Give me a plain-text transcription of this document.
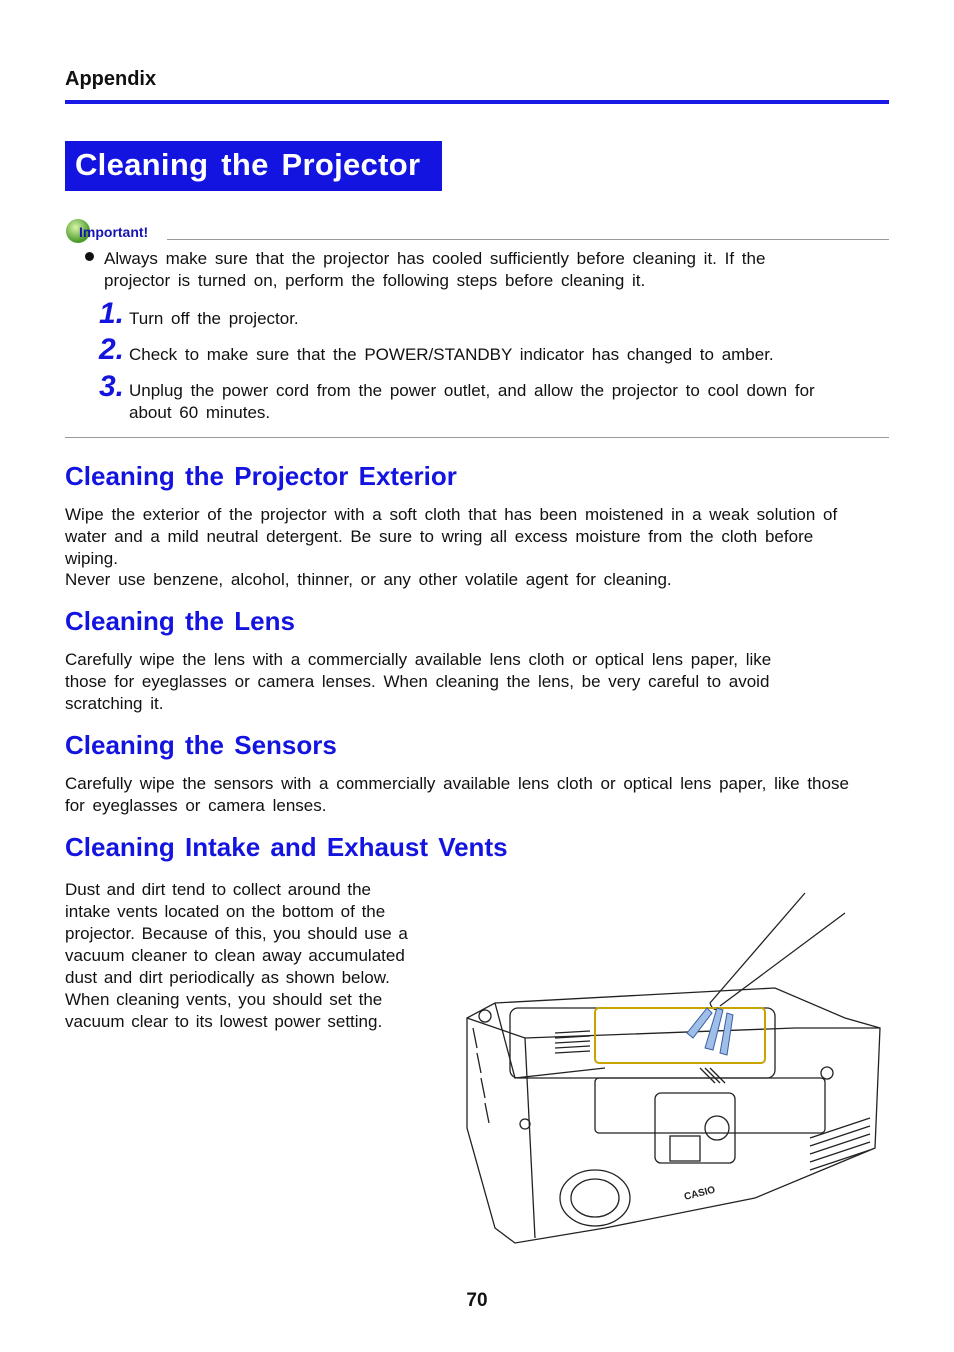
Appendix
Cleaning the Projector
Important!
Always make sure that the projector has cooled sufficiently before cleaning it. If the projector is turned on, perform the following steps before cleaning it.
1. Turn off the projector.
2. Check to make sure that the POWER/STANDBY indicator has changed to amber.
3. Unplug the power cord from the power outlet, and allow the projector to cool down for about 60 minutes.
Cleaning the Projector Exterior
Wipe the exterior of the projector with a soft cloth that has been moistened in a weak solution of water and a mild neutral detergent. Be sure to wring all excess moisture from the cloth before wiping.
Never use benzene, alcohol, thinner, or any other volatile agent for cleaning.
Cleaning the Lens
Carefully wipe the lens with a commercially available lens cloth or optical lens paper, like those for eyeglasses or camera lenses. When cleaning the lens, be very careful to avoid scratching it.
Cleaning the Sensors
Carefully wipe the sensors with a commercially available lens cloth or optical lens paper, like those for eyeglasses or camera lenses.
Cleaning Intake and Exhaust Vents
Dust and dirt tend to collect around the intake vents located on the bottom of the projector. Because of this, you should use a vacuum cleaner to clean away accumulated dust and dirt periodically as shown below. When cleaning vents, you should set the vacuum clear to its lowest power setting.
CASIO
70
